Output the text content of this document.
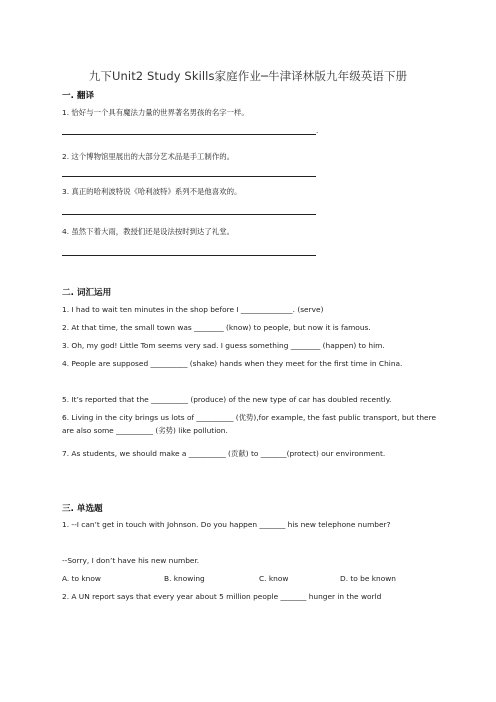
九下Unit2 Study Skills家庭作业─牛津译林版九年级英语下册
一. 翻译
1. 恰好与一个具有魔法力量的世界著名男孩的名字一样。
.
2. 这个博物馆里展出的大部分艺术品是手工制作的。
3. 真正的哈利波特说《哈利波特》系列不是他喜欢的。
4. 虽然下着大雨，教授们还是设法按时到达了礼堂。
二. 词汇运用
1. I had to wait ten minutes in the shop before I ______________. (serve)
2. At that time, the small town was ________ (know) to people, but now it is famous.
3. Oh, my god! Little Tom seems very sad. I guess something ________ (happen) to him.
4. People are supposed __________ (shake) hands when they meet for the first time in China.
5. It’s reported that the __________ (produce) of the new type of car has doubled recently.
6. Living in the city brings us lots of __________ (优势),for example, the fast public transport, but there are also some __________ (劣势) like pollution.
7. As students, we should make a __________ (贡献) to _______(protect) our environment.
三. 单选题
1. --I can’t get in touch with Johnson. Do you happen _______ his new telephone number?
--Sorry, I don’t have his new number.
A. to know	B. knowing	C. know	D. to be known
2. A UN report says that every year about 5 million people _______ hunger in the world
